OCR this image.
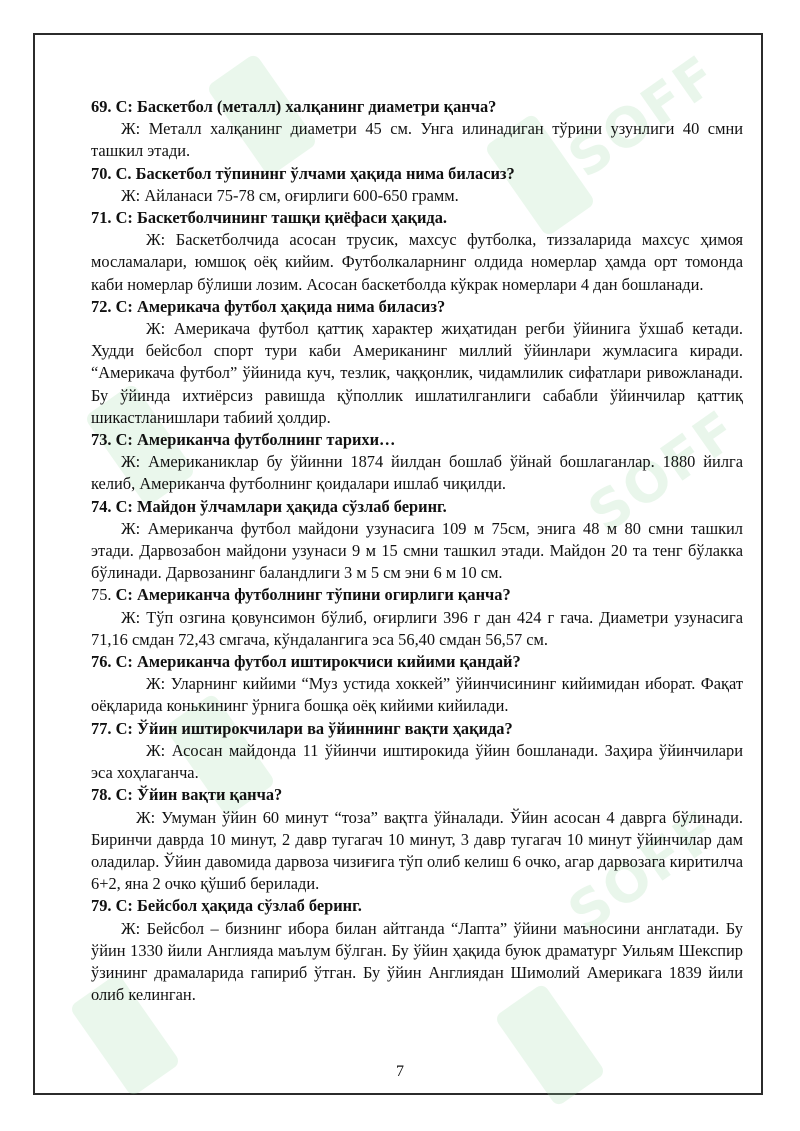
SOFF
SOFF
SOFF

69. С: Баскетбол (металл) халқанинг диаметри қанча?

Ж: Металл халқанинг диаметри 45 см. Унга илинадиган тўрини узунлиги 40 смни ташкил этади.

70. С. Баскетбол тўпининг ўлчами ҳақида нима биласиз?

Ж: Айланаси 75-78 см, оғирлиги 600-650 грамм.

71. С: Баскетболчининг ташқи қиёфаси ҳақида.

Ж: Баскетболчида асосан трусик, махсус футболка, тиззаларида махсус ҳимоя мосламалари, юмшоқ оёқ кийим. Футболкаларнинг олдида номерлар ҳамда орт томонда каби номерлар бўлиши лозим. Асосан баскетболда кўкрак номерлари 4 дан бошланади.

72. С: Америкача футбол ҳақида нима биласиз?

Ж: Америкача футбол қаттиқ характер жиҳатидан регби ўйинига ўхшаб кетади. Худди бейсбол спорт тури каби Американинг миллий ўйинлари жумласига киради. “Америкача футбол” ўйинида куч, тезлик, чаққонлик, чидамлилик сифатлари ривожланади. Бу ўйинда ихтиёрсиз равишда қўполлик ишлатилганлиги сабабли ўйинчилар қаттиқ шикастланишлари табиий ҳолдир.

73. С: Американча футболнинг тарихи…

Ж: Американиклар бу ўйинни 1874 йилдан бошлаб ўйнай бошлаганлар. 1880 йилга келиб, Американча футболнинг қоидалари ишлаб чиқилди.

74. С: Майдон ўлчамлари ҳақида сўзлаб беринг.

Ж: Американча футбол майдони узунасига 109 м 75см, энига 48 м 80 смни ташкил этади. Дарвозабон майдони узунаси 9 м 15 смни ташкил этади. Майдон 20 та тенг бўлакка бўлинади. Дарвозанинг баландлиги 3 м 5 см эни 6 м 10 см.

75. С: Американча футболнинг тўпини огирлиги қанча?

Ж: Тўп озгина қовунсимон бўлиб, оғирлиги 396 г дан 424 г гача. Диаметри узунасига 71,16 смдан 72,43 смгача, кўндалангига эса 56,40 смдан 56,57 см.

76. С: Американча футбол иштирокчиси кийими қандай?

Ж: Уларнинг кийими “Муз устида хоккей” ўйинчисининг кийимидан иборат. Фақат оёқларида конькининг ўрнига бошқа оёқ кийими кийилади.

77. С: Ўйин иштирокчилари ва ўйиннинг вақти ҳақида?

Ж: Асосан майдонда 11 ўйинчи иштирокида ўйин бошланади. Заҳира ўйинчилари эса хоҳлаганча.

78. С: Ўйин вақти қанча?

Ж: Умуман ўйин 60 минут “тоза” вақтга ўйналади. Ўйин асосан 4 даврга бўлинади. Биринчи даврда 10 минут, 2 давр тугагач 10 минут, 3 давр тугагач 10 минут ўйинчилар дам оладилар. Ўйин давомида дарвоза чизиғига тўп олиб келиш 6 очко, агар дарвозага киритилча 6+2, яна 2 очко қўшиб берилади.

79. С: Бейсбол ҳақида сўзлаб беринг.

Ж: Бейсбол – бизнинг ибора билан айтганда “Лапта” ўйини маъносини англатади. Бу ўйин 1330 йили Англияда маълум бўлган. Бу ўйин ҳақида буюк драматург Уильям Шекспир ўзининг драмаларида гапириб ўтган. Бу ўйин Англиядан Шимолий Америкага 1839 йили олиб келинган.

7
